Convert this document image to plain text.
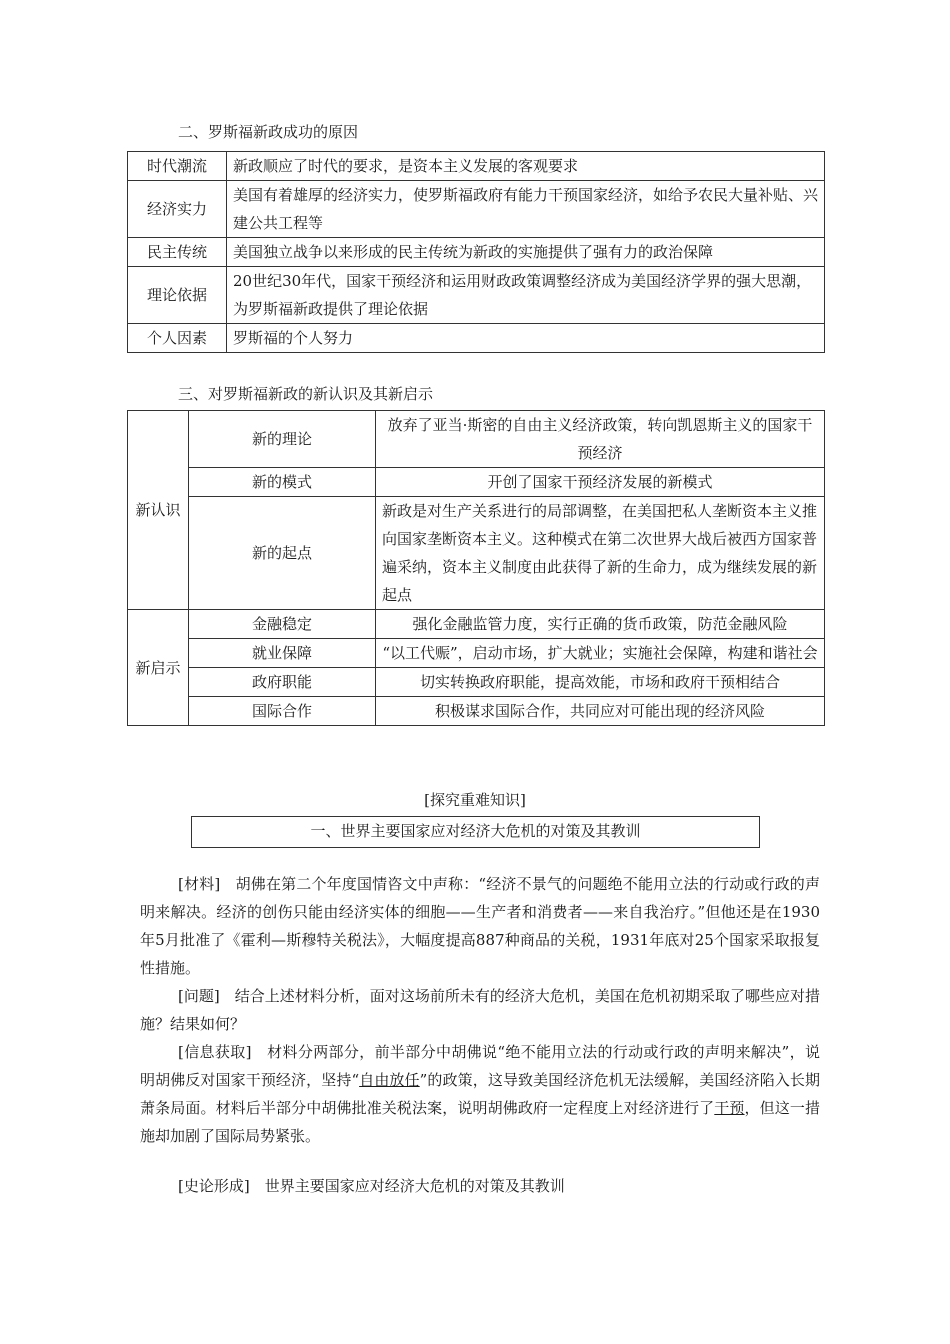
二、罗斯福新政成功的原因
时代潮流	新政顺应了时代的要求，是资本主义发展的客观要求
经济实力	美国有着雄厚的经济实力，使罗斯福政府有能力干预国家经济，如给予农民大量补贴、兴建公共工程等
民主传统	美国独立战争以来形成的民主传统为新政的实施提供了强有力的政治保障
理论依据	20世纪30年代，国家干预经济和运用财政政策调整经济成为美国经济学界的强大思潮，为罗斯福新政提供了理论依据
个人因素	罗斯福的个人努力
三、对罗斯福新政的新认识及其新启示
新认识	新的理论	放弃了亚当·斯密的自由主义经济政策，转向凯恩斯主义的国家干预经济
	新的模式	开创了国家干预经济发展的新模式
	新的起点	新政是对生产关系进行的局部调整，在美国把私人垄断资本主义推向国家垄断资本主义。这种模式在第二次世界大战后被西方国家普遍采纳，资本主义制度由此获得了新的生命力，成为继续发展的新起点
新启示	金融稳定	强化金融监管力度，实行正确的货币政策，防范金融风险
	就业保障	“以工代赈”，启动市场，扩大就业；实施社会保障，构建和谐社会
	政府职能	切实转换政府职能，提高效能，市场和政府干预相结合
	国际合作	积极谋求国际合作，共同应对可能出现的经济风险
[探究重难知识]
一、世界主要国家应对经济大危机的对策及其教训
[材料]　胡佛在第二个年度国情咨文中声称：“经济不景气的问题绝不能用立法的行动或行政的声明来解决。经济的创伤只能由经济实体的细胞——生产者和消费者——来自我治疗。”但他还是在1930年5月批准了《霍利—斯穆特关税法》，大幅度提高887种商品的关税，1931年底对25个国家采取报复性措施。
[问题]　结合上述材料分析，面对这场前所未有的经济大危机，美国在危机初期采取了哪些应对措施？结果如何？
[信息获取]　材料分两部分，前半部分中胡佛说“绝不能用立法的行动或行政的声明来解决”，说明胡佛反对国家干预经济，坚持“自由放任”的政策，这导致美国经济危机无法缓解，美国经济陷入长期萧条局面。材料后半部分中胡佛批准关税法案，说明胡佛政府一定程度上对经济进行了干预，但这一措施却加剧了国际局势紧张。
[史论形成]　世界主要国家应对经济大危机的对策及其教训
